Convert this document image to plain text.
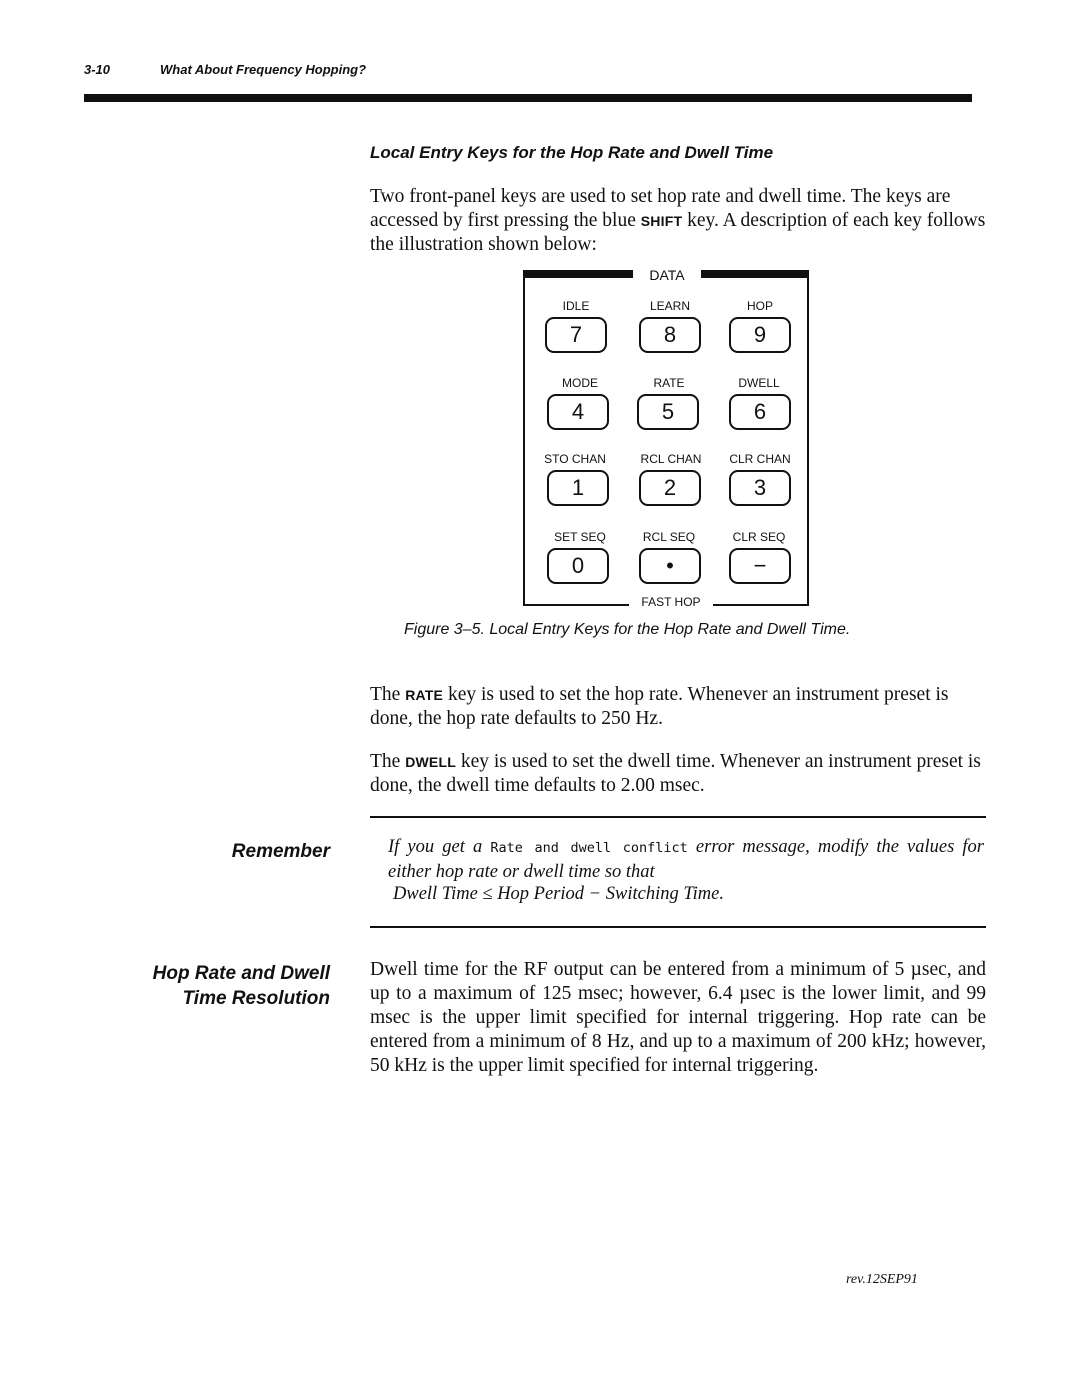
3-10	What About Frequency Hopping?
Local Entry Keys for the Hop Rate and Dwell Time
Two front-panel keys are used to set hop rate and dwell time. The keys are accessed by first pressing the blue SHIFT key. A description of each key follows the illustration shown below:
DATA
FAST HOP
IDLE	LEARN	HOP
7	8	9
MODE	RATE	DWELL
4	5	6
STO CHAN	RCL CHAN	CLR CHAN
1	2	3
SET SEQ	RCL SEQ	CLR SEQ
0	•	−
Figure 3–5. Local Entry Keys for the Hop Rate and Dwell Time.
The RATE key is used to set the hop rate. Whenever an instrument preset is done, the hop rate defaults to 250 Hz.
The DWELL key is used to set the dwell time. Whenever an instrument preset is done, the dwell time defaults to 2.00 msec.
Remember	If you get a Rate and dwell conflict error message, modify the values for either hop rate or dwell time so that
Dwell Time ≤ Hop Period − Switching Time.
Hop Rate and Dwell
Time Resolution
Dwell time for the RF output can be entered from a minimum of 5 µsec, and up to a maximum of 125 msec; however, 6.4 µsec is the lower limit, and 99 msec is the upper limit specified for internal triggering. Hop rate can be entered from a minimum of 8 Hz, and up to a maximum of 200 kHz; however, 50 kHz is the upper limit specified for internal triggering.
rev.12SEP91
